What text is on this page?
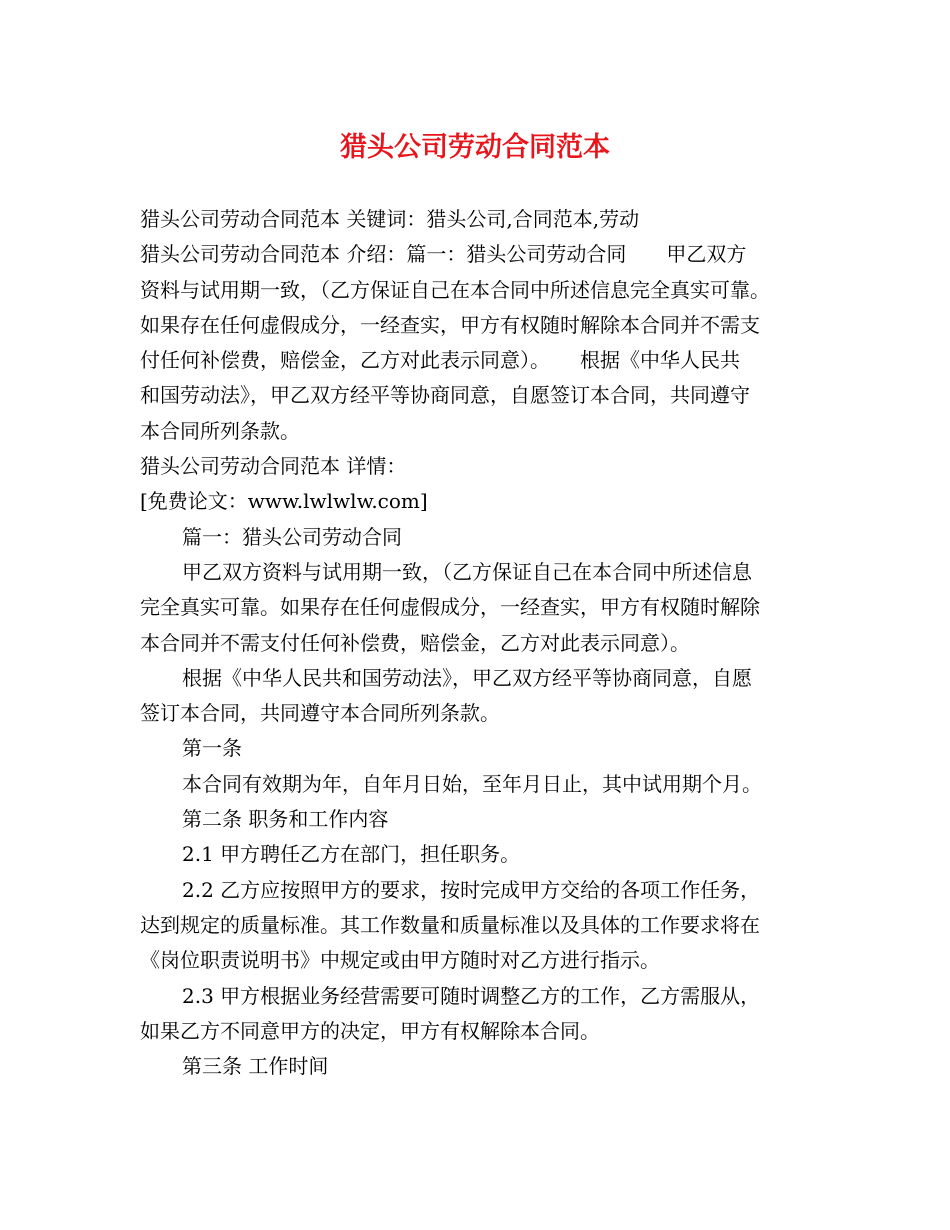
猎头公司劳动合同范本
猎头公司劳动合同范本 关键词：猎头公司,合同范本,劳动
猎头公司劳动合同范本 介绍：篇一：猎头公司劳动合同　　甲乙双方
资料与试用期一致，（乙方保证自己在本合同中所述信息完全真实可靠。
如果存在任何虚假成分，一经查实，甲方有权随时解除本合同并不需支
付任何补偿费，赔偿金，乙方对此表示同意）。　　根据《中华人民共
和国劳动法》，甲乙双方经平等协商同意，自愿签订本合同，共同遵守
本合同所列条款。
猎头公司劳动合同范本 详情：
[免费论文：www.lwlwlw.com]
篇一：猎头公司劳动合同
甲乙双方资料与试用期一致，（乙方保证自己在本合同中所述信息
完全真实可靠。如果存在任何虚假成分，一经查实，甲方有权随时解除
本合同并不需支付任何补偿费，赔偿金，乙方对此表示同意）。
根据《中华人民共和国劳动法》，甲乙双方经平等协商同意，自愿
签订本合同，共同遵守本合同所列条款。
第一条
本合同有效期为年，自年月日始，至年月日止，其中试用期个月。
第二条 职务和工作内容
2.1 甲方聘任乙方在部门，担任职务。
2.2 乙方应按照甲方的要求，按时完成甲方交给的各项工作任务，
达到规定的质量标准。其工作数量和质量标准以及具体的工作要求将在
《岗位职责说明书》中规定或由甲方随时对乙方进行指示。
2.3 甲方根据业务经营需要可随时调整乙方的工作，乙方需服从，
如果乙方不同意甲方的决定，甲方有权解除本合同。
第三条 工作时间
